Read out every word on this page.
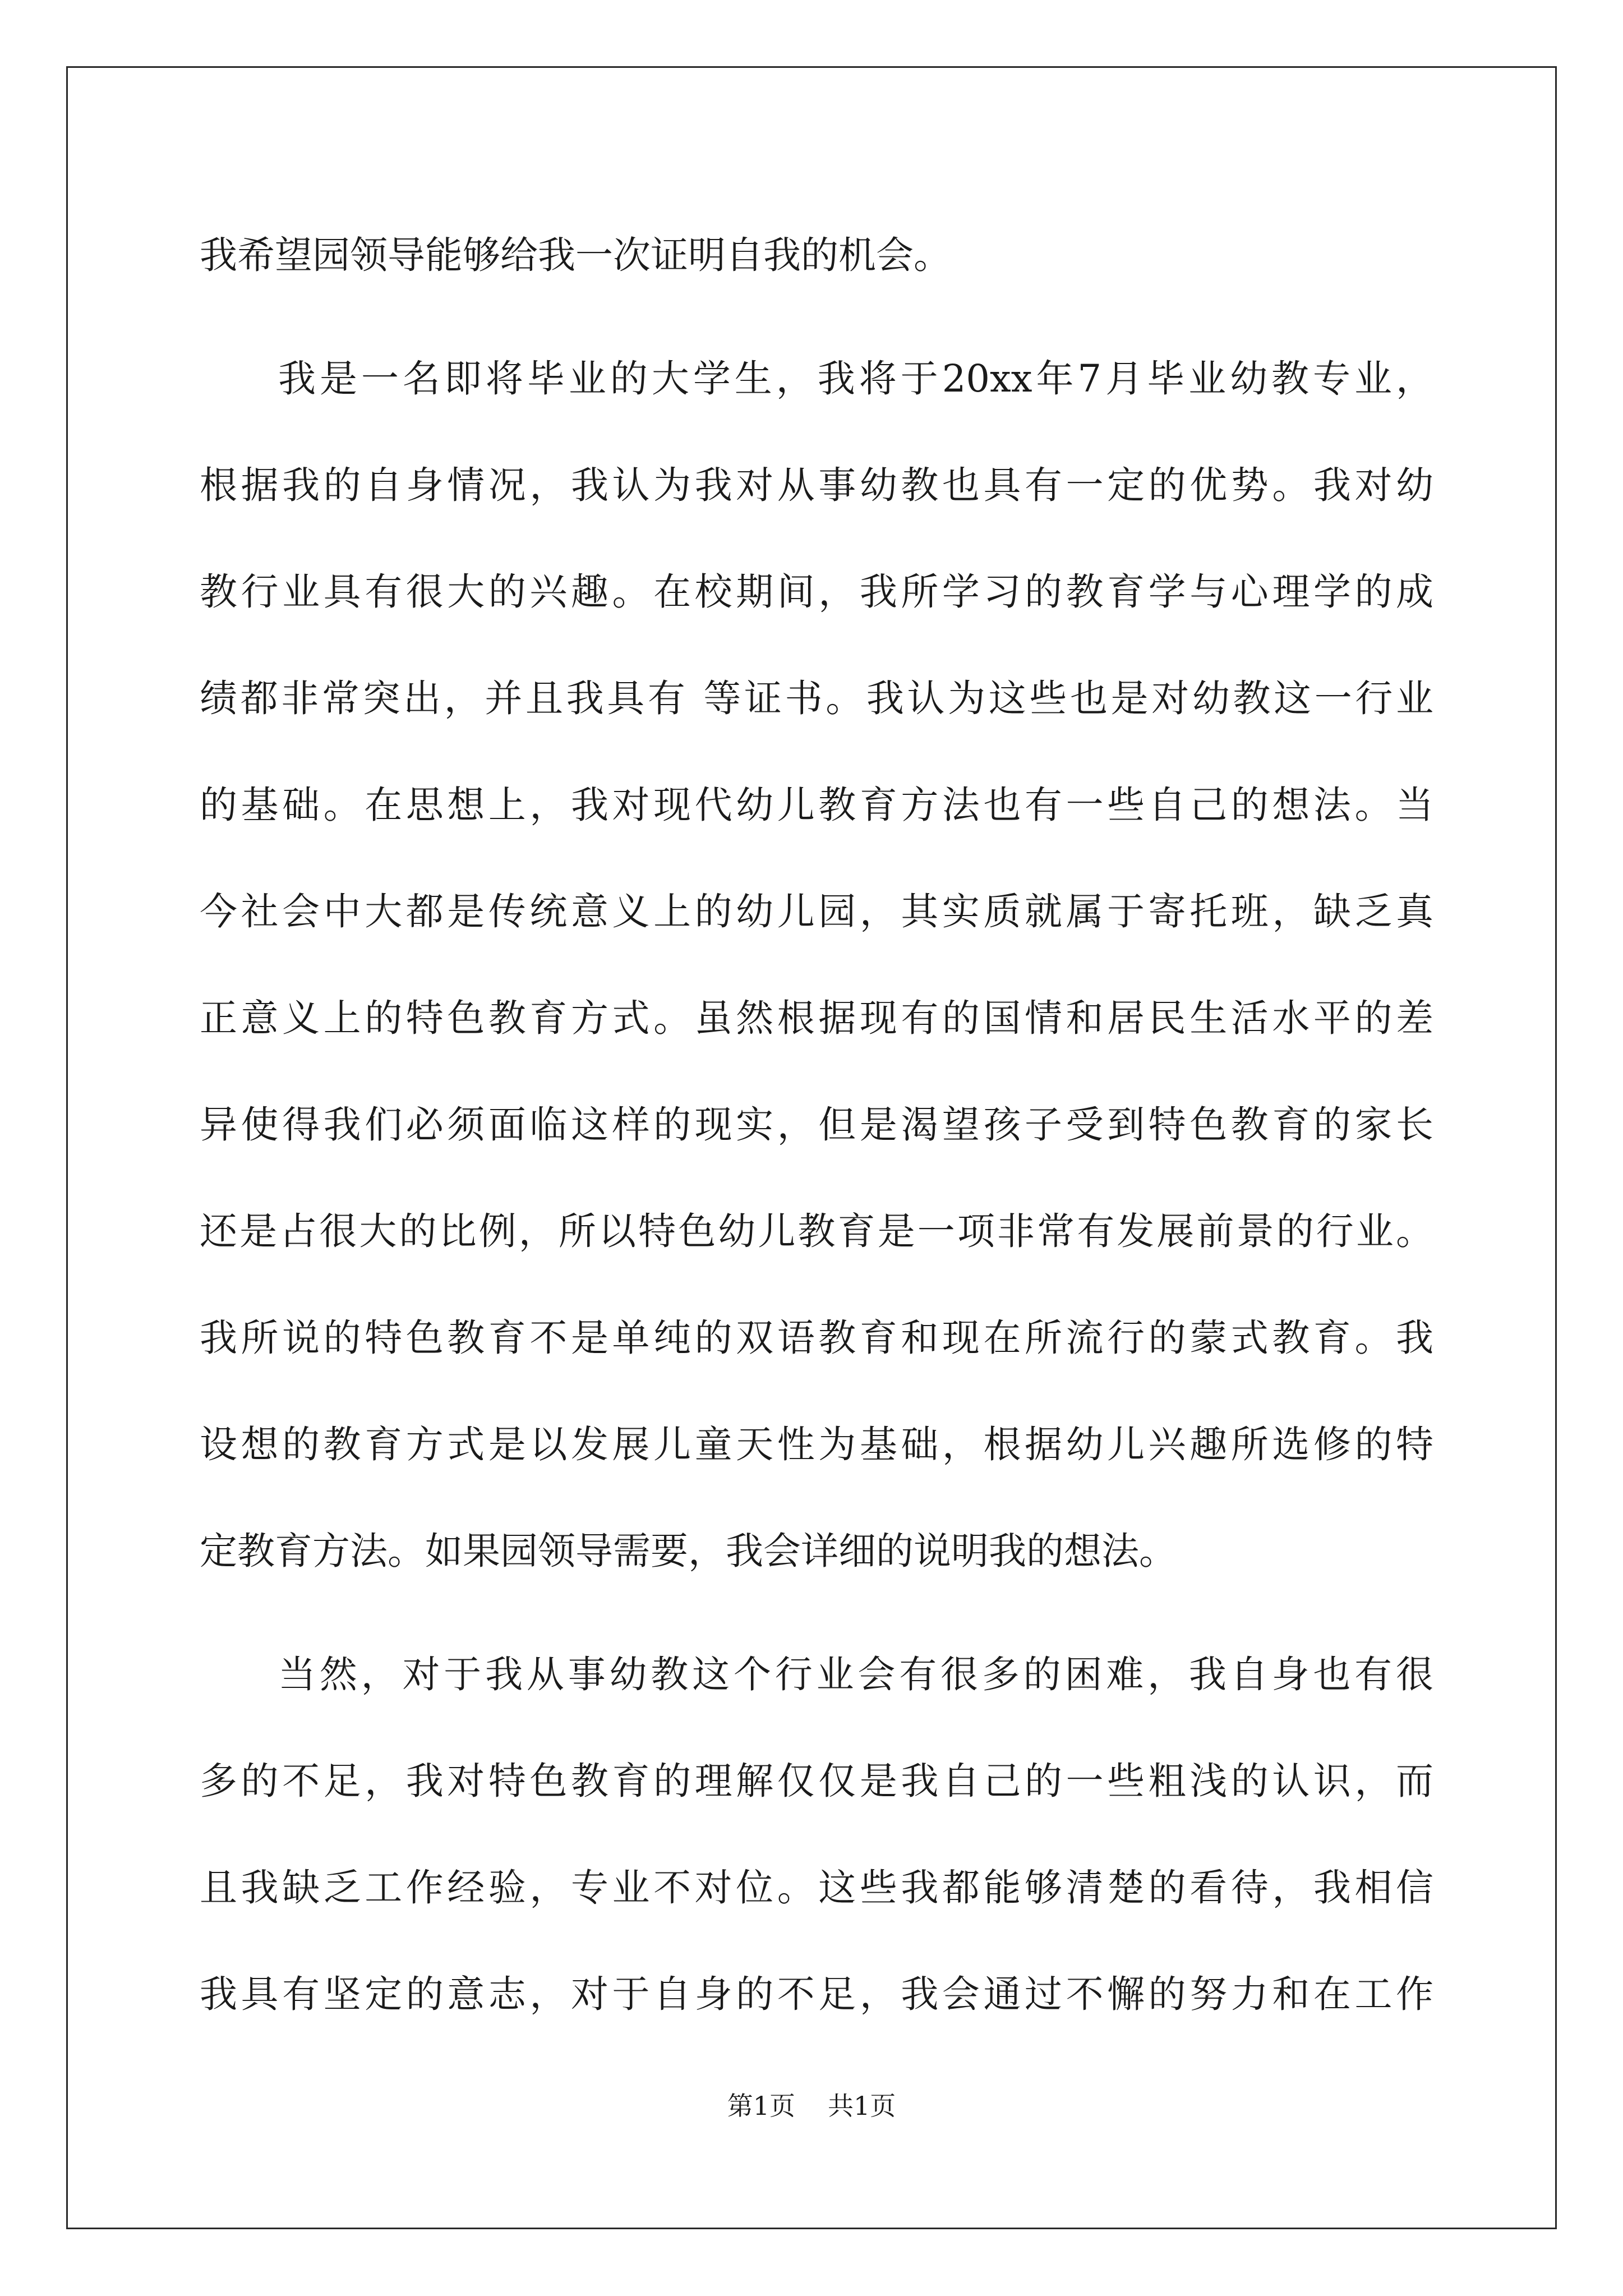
我希望园领导能够给我一次证明自我的机会。
我是一名即将毕业的大学生，我将于20xx年7月毕业幼教专业，
根据我的自身情况，我认为我对从事幼教也具有一定的优势。我对幼
教行业具有很大的兴趣。在校期间，我所学习的教育学与心理学的成
绩都非常突出，并且我具有 等证书。我认为这些也是对幼教这一行业
的基础。在思想上，我对现代幼儿教育方法也有一些自己的想法。当
今社会中大都是传统意义上的幼儿园，其实质就属于寄托班，缺乏真
正意义上的特色教育方式。虽然根据现有的国情和居民生活水平的差
异使得我们必须面临这样的现实，但是渴望孩子受到特色教育的家长
还是占很大的比例，所以特色幼儿教育是一项非常有发展前景的行业。
我所说的特色教育不是单纯的双语教育和现在所流行的蒙式教育。我
设想的教育方式是以发展儿童天性为基础，根据幼儿兴趣所选修的特
定教育方法。如果园领导需要，我会详细的说明我的想法。
当然，对于我从事幼教这个行业会有很多的困难，我自身也有很
多的不足，我对特色教育的理解仅仅是我自己的一些粗浅的认识，而
且我缺乏工作经验，专业不对位。这些我都能够清楚的看待，我相信
我具有坚定的意志，对于自身的不足，我会通过不懈的努力和在工作
第1页 共1页
